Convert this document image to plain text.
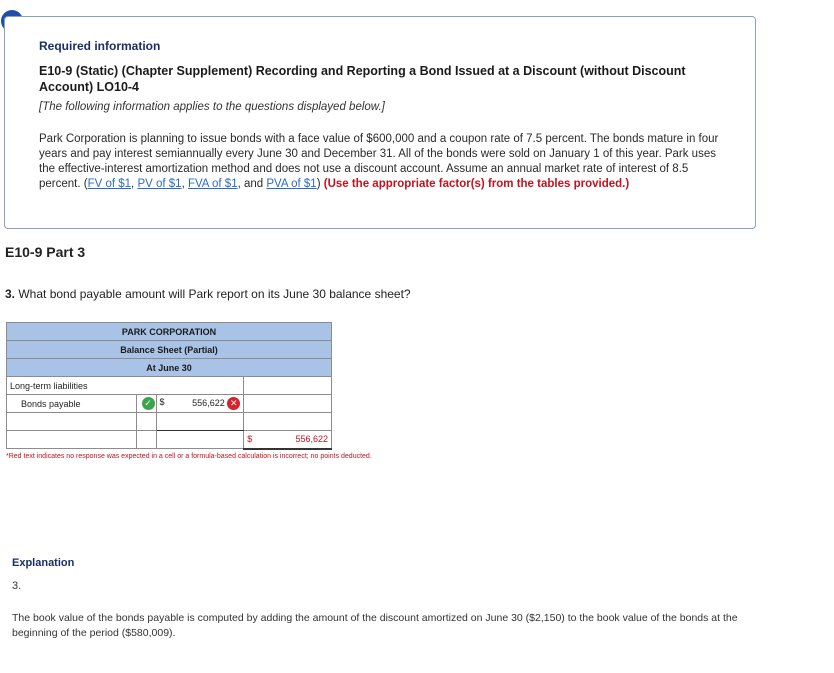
Required information
E10-9 (Static) (Chapter Supplement) Recording and Reporting a Bond Issued at a Discount (without Discount Account) LO10-4
[The following information applies to the questions displayed below.]
Park Corporation is planning to issue bonds with a face value of $600,000 and a coupon rate of 7.5 percent. The bonds mature in four years and pay interest semiannually every June 30 and December 31. All of the bonds were sold on January 1 of this year. Park uses the effective-interest amortization method and does not use a discount account. Assume an annual market rate of interest of 8.5 percent. (FV of $1, PV of $1, FVA of $1, and PVA of $1) (Use the appropriate factor(s) from the tables provided.)
E10-9 Part 3
3. What bond payable amount will Park report on its June 30 balance sheet?
PARK CORPORATION			
Balance Sheet (Partial)			
At June 30			
Long-term liabilities			
Bonds payable	✓	$ 556,622 ✕	

			$ 556,622
*Red text indicates no response was expected in a cell or a formula-based calculation is incorrect; no points deducted.
Explanation
3.
The book value of the bonds payable is computed by adding the amount of the discount amortized on June 30 ($2,150) to the book value of the bonds at the beginning of the period ($580,009).
